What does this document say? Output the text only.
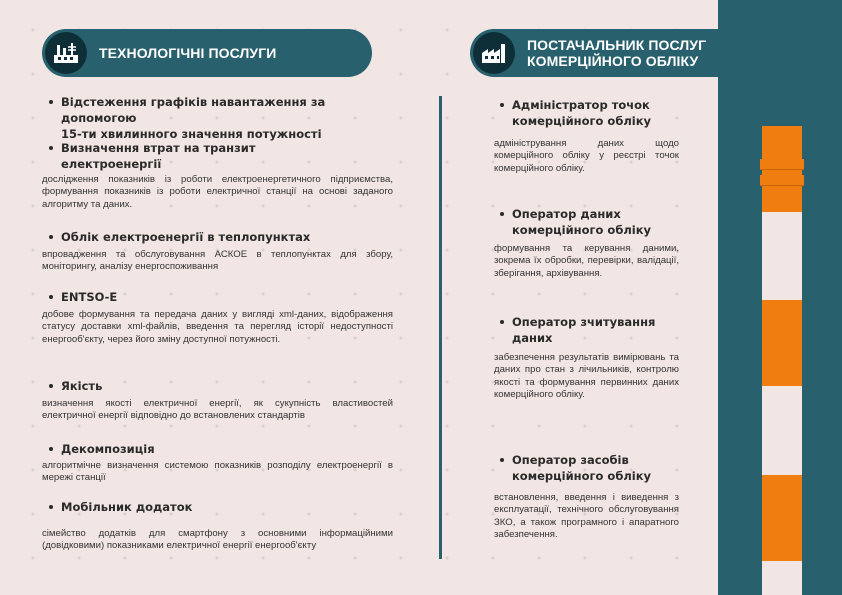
ТЕХНОЛОГІЧНІ ПОСЛУГИ	ПОСТАЧАЛЬНИК ПОСЛУГ
КОМЕРЦІЙНОГО ОБЛІКУ
Відстеження графіків навантаження за допомогою
15-ти хвилинного значення потужності
Визначення втрат на транзит
електроенергії
дослідження показників із роботи електроенергетичного підприємства, формування показників із роботи електричної станції на основі заданого алгоритму та даних.
Облік електроенергії в теплопунктах
впровадження та обслуговування АСКОЕ в теплопунктах для збору, моніторингу, аналізу енергоспоживання
ENTSO-E
добове формування та передача даних у вигляді xml-даних, відображення статусу доставки xml-файлів, введення та перегляд історії недоступності енергооб'єкту, через його зміну доступної потужності.
Якість
визначення якості електричної енергії, як сукупність властивостей електричної енергії відповідно до встановлених стандартів
Декомпозиція
алгоритмічне визначення системою показників розподілу електроенергії в мережі станції
Мобільник додаток
сімейство додатків для смартфону з основними інформаційними (довідковими) показниками електричної енергії енергооб'єкту
Адміністратор точок
комерційного обліку
адміністрування даних щодо комерційного обліку у реєстрі точок комерційного обліку.
Оператор даних
комерційного обліку
формування та керування даними, зокрема їх обробки, перевірки, валідації, зберігання, архівування.
Оператор зчитування
даних
забезпечення результатів вимірювань та даних про стан з лічильників, контролю якості та формування первинних даних комерційного обліку.
Оператор засобів
комерційного обліку
встановлення, введення і виведення з експлуатації, технічного обслуговування ЗКО, а також програмного і апаратного забезпечення.
